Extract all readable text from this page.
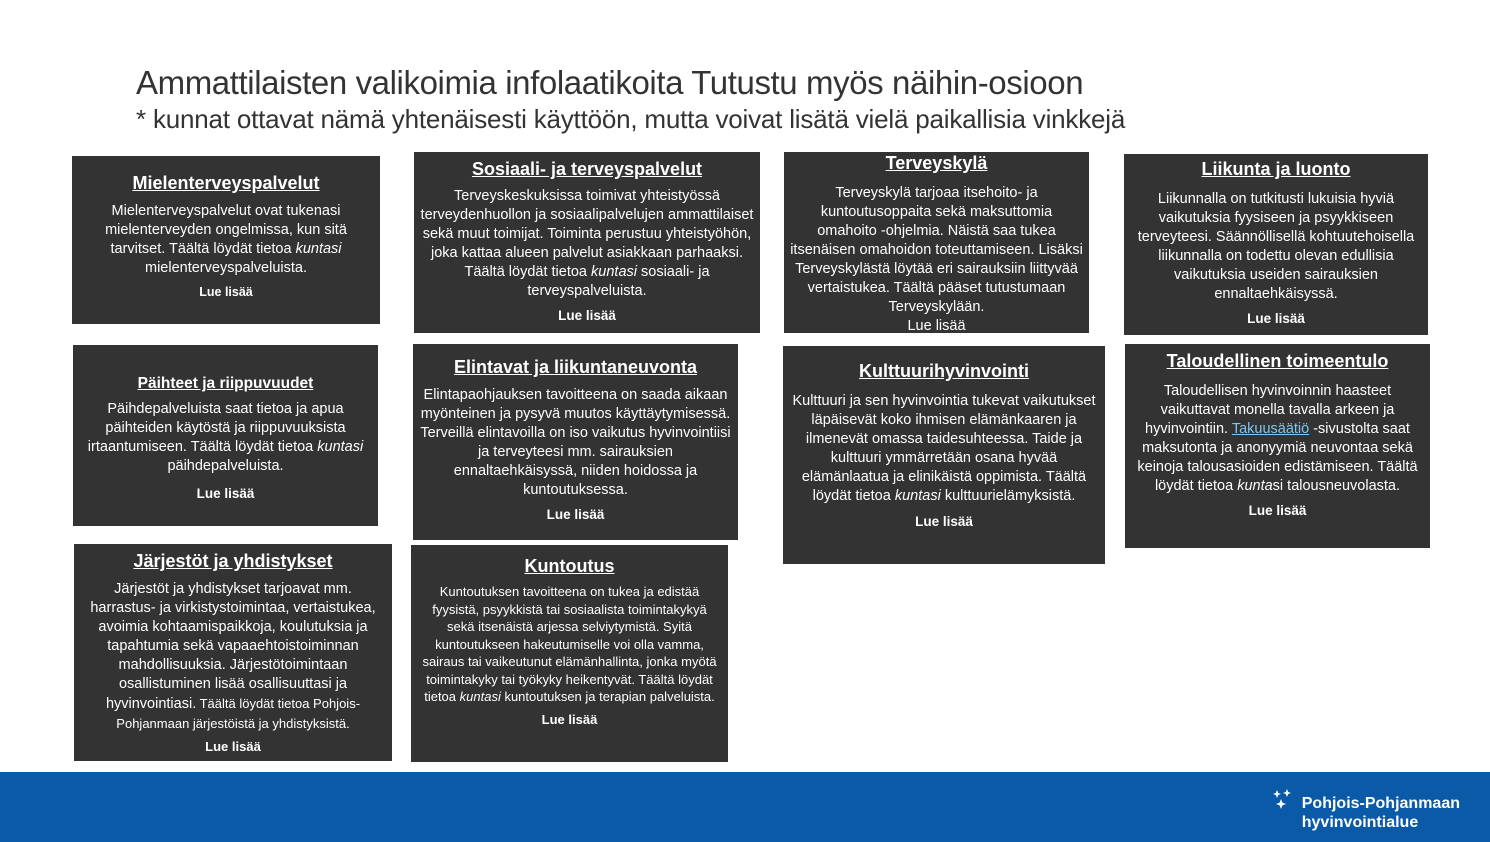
Ammattilaisten valikoimia infolaatikoita Tutustu myös näihin-osioon
* kunnat ottavat nämä yhtenäisesti käyttöön, mutta voivat lisätä vielä paikallisia vinkkejä
Mielenterveyspalvelut

Mielenterveyspalvelut ovat tukenasi mielenterveyden ongelmissa, kun sitä tarvitset. Täältä löydät tietoa kuntasi mielenterveyspalveluista.

Lue lisää
Päihteet ja riippuvuudet

Päihdepalveluista saat tietoa ja apua päihteiden käytöstä ja riippuvuuksista irtaantumiseen. Täältä löydät tietoa kuntasi päihdepalveluista.

Lue lisää
Järjestöt ja yhdistykset

Järjestöt ja yhdistykset tarjoavat mm. harrastus- ja virkistystoimintaa, vertaistukea, avoimia kohtaamispaikkoja, koulutuksia ja tapahtumia sekä vapaaehtoistoiminnan mahdollisuuksia. Järjestötoimintaan osallistuminen lisää osallisuuttasi ja hyvinvointiasi. Täältä löydät tietoa Pohjois-Pohjanmaan järjestöistä ja yhdistyksistä.

Lue lisää
Sosiaali- ja terveyspalvelut

Terveyskeskuksissa toimivat yhteistyössä terveydenhuollon ja sosiaalipalvelujen ammattilaiset sekä muut toimijat. Toiminta perustuu yhteistyöhön, joka kattaa alueen palvelut asiakkaan parhaaksi. Täältä löydät tietoa kuntasi sosiaali- ja terveyspalveluista.

Lue lisää
Elintavat ja liikuntaneuvonta

Elintapaohjauksen tavoitteena on saada aikaan myönteinen ja pysyvä muutos käyttäytymisessä. Terveillä elintavoilla on iso vaikutus hyvinvointiisi ja terveyteesi mm. sairauksien ennaltaehkäisyssä, niiden hoidossa ja kuntoutuksessa.

Lue lisää
Kuntoutus

Kuntoutuksen tavoitteena on tukea ja edistää fyysistä, psyykkistä tai sosiaalista toimintakykyä sekä itsenäistä arjessa selviytymistä. Syitä kuntoutukseen hakeutumiselle voi olla vamma, sairaus tai vaikeutunut elämänhallinta, jonka myötä toimintakyky tai työkyky heikentyvät. Täältä löydät tietoa kuntasi kuntoutuksen ja terapian palveluista.

Lue lisää
Terveyskylä

Terveyskylä tarjoaa itsehoito- ja kuntoutusoppaita sekä maksuttomia omahoito -ohjelmia. Näistä saa tukea itsenäisen omahoidon toteuttamiseen. Lisäksi Terveyskylästä löytää eri sairauksiin liittyvää vertaistukea. Täältä pääset tutustumaan Terveyskylään.

Lue lisää
Kulttuurihyvinvointi

Kulttuuri ja sen hyvinvointia tukevat vaikutukset läpäisevät koko ihmisen elämänkaaren ja ilmenevät omassa taidesuhteessa. Taide ja kulttuuri ymmärretään osana hyvää elämänlaatua ja elinikäistä oppimista. Täältä löydät tietoa kuntasi kulttuurielämyksistä.

Lue lisää
Liikunta ja luonto

Liikunnalla on tutkitusti lukuisia hyviä vaikutuksia fyysiseen ja psyykkiseen terveyteesi. Säännöllisellä kohtuutehoisella liikunnalla on todettu olevan edullisia vaikutuksia useiden sairauksien ennaltaehkäisyssä.

Lue lisää
Taloudellinen toimeentulo

Taloudellisen hyvinvoinnin haasteet vaikuttavat monella tavalla arkeen ja hyvinvointiin. Takuusäätiö -sivustolta saat maksutonta ja anonyymiä neuvontaa sekä keinoja talousasioiden edistämiseen. Täältä löydät tietoa kuntasi talousneuvolasta.

Lue lisää
Pohjois-Pohjanmaan
hyvinvointialue
